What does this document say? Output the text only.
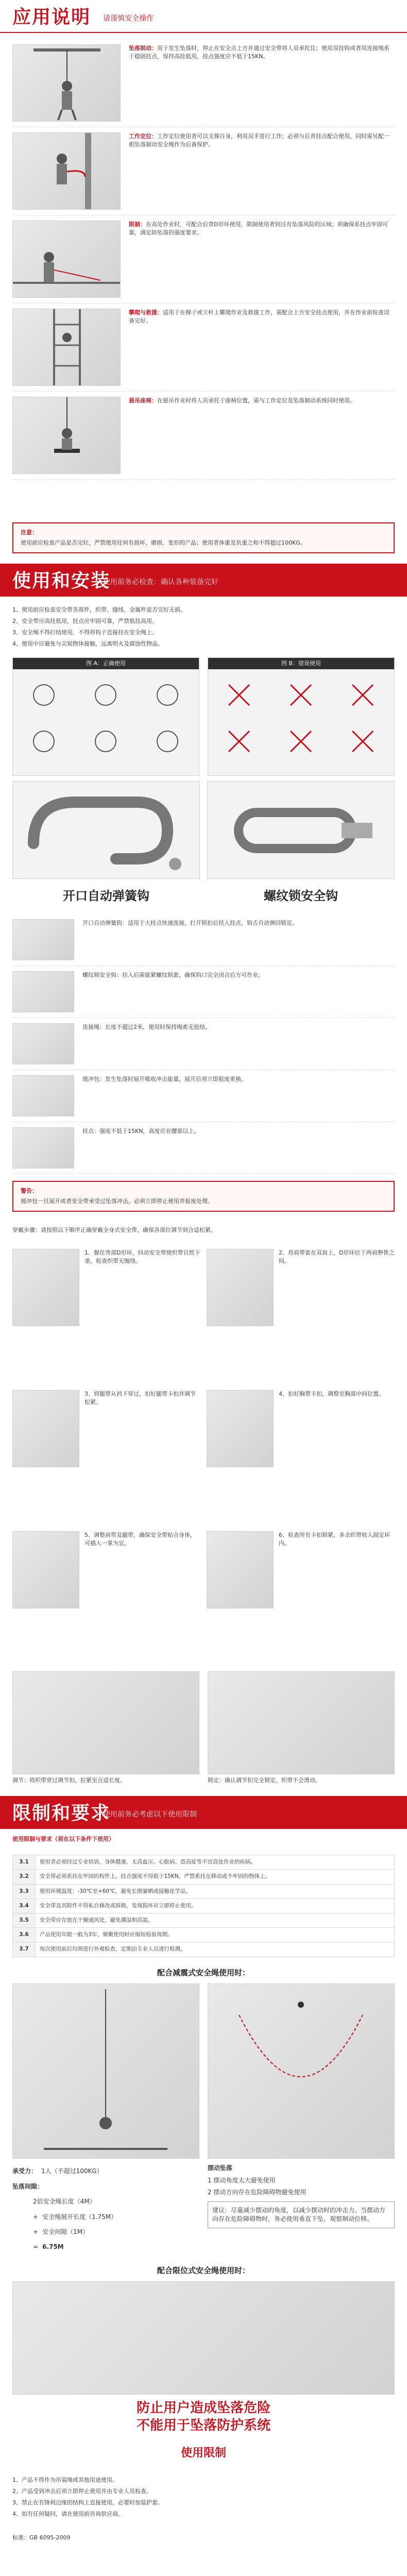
应用说明 请谨慎安全操作
坠落制动：用于发生坠落时，停止在安全点上方并通过安全带将人员承托住；使用双挂钩或者用连接绳系于稳固挂点，保持高挂低用，挂点强度应不低于15KN。
工作定位：工作定位使用者可以支撑自身，利用双手进行工作；必须与后背挂点配合使用，同时需另配一根坠落制动安全绳作为后备保护。
限制：在高处作业时，可配合后背D形环使用，限制使用者到达有坠落风险的区域；须确保系挂点牢固可靠，满足防坠落的强度要求。
攀爬与救援：适用于在梯子或立杆上攀爬作业及救援工作，需配合上方安全挂点使用，并在作业前检查设备完好。
悬吊座椅：在悬吊作业时将人员承托于座椅位置，需与工作定位及坠落制动系统同时使用。
注意：
使用前应检查产品是否完好，严禁使用任何有损坏、磨损、变形的产品；使用者体重及负重之和不得超过100KG。
使用和安装
使用前务必检查：确认各种装备完好
1、使用前应检查安全带各部件，织带、缝线、金属件是否完好无损。
2、安全带应高挂低用，挂点应牢固可靠，严禁低挂高用。
3、安全绳不得打结使用，不得将钩子直接挂在安全绳上。
4、使用中应避免与尖锐物体接触，远离明火及腐蚀性物品。
图 A：正确使用	图 B：错误使用
开口自动弹簧钩	螺纹锁安全钩
开口自动弹簧钩：适用于大挂点快速连接，打开锁扣后挂入挂点，钩舌自动弹回锁定。
螺纹锁安全钩：挂入后需旋紧螺纹锁套，确保钩口完全闭合后方可作业。
连接绳：长度不超过2米，使用时保持绳索无扭结。
缓冲包：发生坠落时展开吸收冲击能量，展开后须立即报废更换。
挂点：强度不低于15KN，高度应在腰部以上。
警告：
缓冲包一旦展开或者安全带承受过坠落冲击，必须立即停止使用并报废处理。
穿戴步骤：请按照以下顺序正确穿戴全身式安全带，确保各部位调节到合适松紧。
1、握住背部D形环，抖动安全带使织带自然下垂，检查织带无缠绕。
2、将肩带套在双肩上，D形环位于两肩胛骨之间。
3、将腿带从裆下穿过，扣好腿带卡扣并调节松紧。
4、扣好胸带卡扣，调整至胸部中间位置。
5、调整肩带及腿带，确保安全带贴合身体，可插入一掌为宜。
6、检查所有卡扣锁紧，多余织带收入固定环内。
调节：将织带穿过调节扣，拉紧至合适长度。	锁定：确认调节扣完全锁定，织带不会滑动。
限制和要求
使用前务必考虑以下使用限制
使用限制与要求（须在以下条件下使用）
3.1	使用者必须经过专业培训，身体健康，无高血压、心脏病、恐高症等不宜高处作业的疾病。
3.2	安全带必须系挂在牢固的构件上，挂点强度不得低于15KN，严禁系挂在移动或不牢固的物体上。
3.3	使用环境温度：-30℃至+60℃，避免长期暴晒或接触化学品。
3.4	安全带及其附件不得私自修改或拆换，发现损坏应立即停止使用。
3.5	安全带应存放在干燥通风处，避免潮湿和高温。
3.6	产品使用年限一般为3年，频繁使用时应缩短检验周期。
3.7	每次使用前后均须进行外观检查，定期由专业人员进行检测。
配合减震式安全绳使用时：
承受力： 1人（不超过100KG）
坠落间隙：
2倍安全绳长度（4M）
+ 安全绳展开长度（1.75M）
+ 安全间隙（1M）
= 6.75M
摆动坠落
1 摆动角度太大避免使用
2 摆动方向存在危险障碍物避免使用
建议：尽量减少摆动的角度，以减少摆动时的冲击力。当摆动方向存在危险障碍物时，务必使用垂直下坠，观察制动位移。
配合限位式安全绳使用时：
防止用户造成坠落危险
不能用于坠落防护系统
使用限制
1、产品不得作为吊装绳或其他用途使用。
2、产品受到冲击后须立即停止使用并由专业人员检查。
3、禁止在有锋利边缘的结构上直接使用，必要时加装护套。
4、如有任何疑问，请在使用前咨询供应商。
标准：GB 6095-2009
